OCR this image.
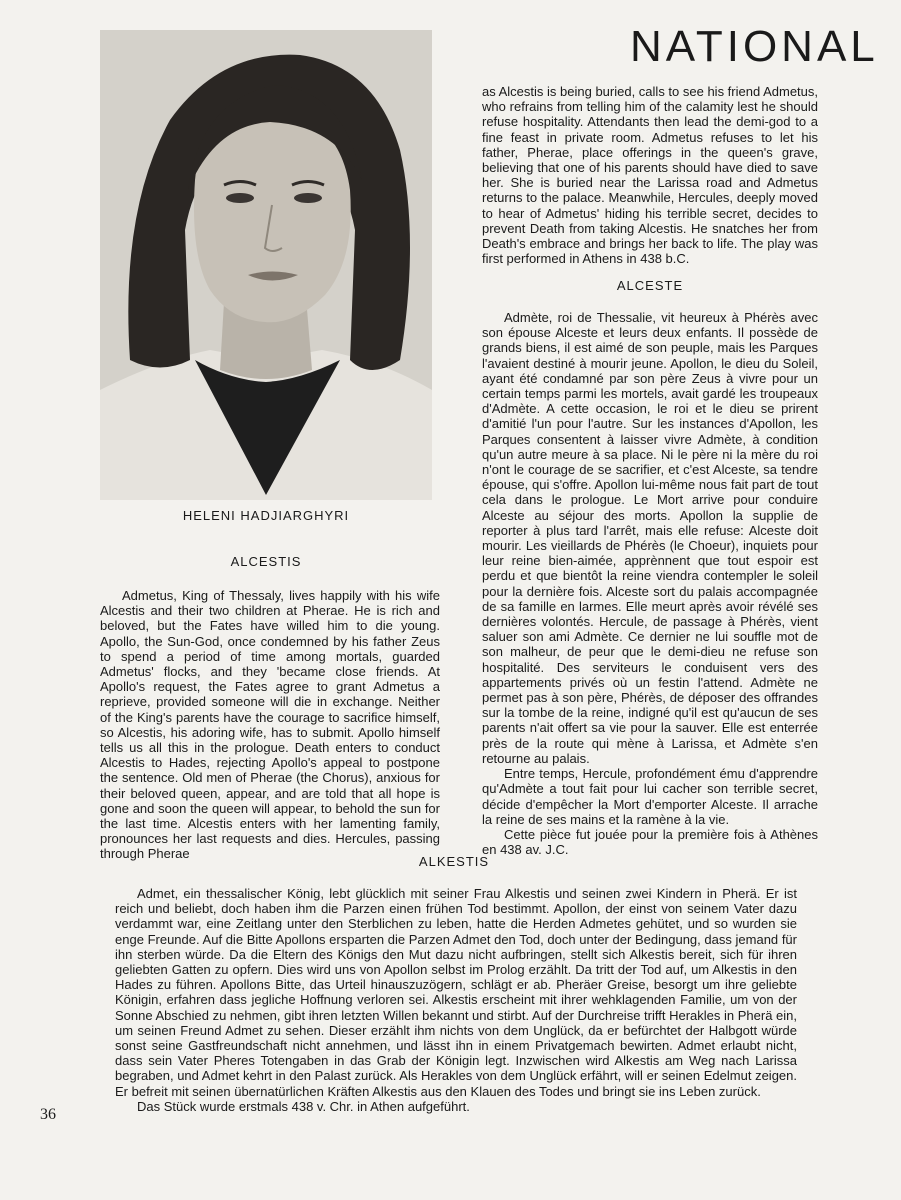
NATIONAL

HELENI HADJIARGHYRI

ALCESTIS

Admetus, King of Thessaly, lives happily with his wife Alcestis and their two children at Pherae. He is rich and beloved, but the Fates have willed him to die young. Apollo, the Sun-God, once condemned by his father Zeus to spend a period of time among mortals, guarded Admetus' flocks, and they 'became close friends. At Apollo's request, the Fates agree to grant Admetus a reprieve, provided someone will die in exchange. Neither of the King's parents have the courage to sacrifice himself, so Alcestis, his adoring wife, has to submit. Apollo himself tells us all this in the prologue. Death enters to conduct Alcestis to Hades, rejecting Apollo's appeal to postpone the sentence. Old men of Pherae (the Chorus), anxious for their beloved queen, appear, and are told that all hope is gone and soon the queen will appear, to behold the sun for the last time. Alcestis enters with her lamenting family, pronounces her last requests and dies. Hercules, passing through Pherae

as Alcestis is being buried, calls to see his friend Admetus, who refrains from telling him of the calamity lest he should refuse hospitality. Attendants then lead the demi-god to a fine feast in private room. Admetus refuses to let his father, Pherae, place offerings in the queen's grave, believing that one of his parents should have died to save her. She is buried near the Larissa road and Admetus returns to the palace. Meanwhile, Hercules, deeply moved to hear of Admetus' hiding his terrible secret, decides to prevent Death from taking Alcestis. He snatches her from Death's embrace and brings her back to life. The play was first performed in Athens in 438 b.C.

ALCESTE

Admète, roi de Thessalie, vit heureux à Phérès avec son épouse Alceste et leurs deux enfants. Il possède de grands biens, il est aimé de son peuple, mais les Parques l'avaient destiné à mourir jeune. Apollon, le dieu du Soleil, ayant été condamné par son père Zeus à vivre pour un certain temps parmi les mortels, avait gardé les troupeaux d'Admète. A cette occasion, le roi et le dieu se prirent d'amitié l'un pour l'autre. Sur les instances d'Apollon, les Parques consentent à laisser vivre Admète, à condition qu'un autre meure à sa place. Ni le père ni la mère du roi n'ont le courage de se sacrifier, et c'est Alceste, sa tendre épouse, qui s'offre. Apollon lui-même nous fait part de tout cela dans le prologue. Le Mort arrive pour conduire Alceste au séjour des morts. Apollon la supplie de reporter à plus tard l'arrêt, mais elle refuse: Alceste doit mourir. Les vieillards de Phérès (le Choeur), inquiets pour leur reine bien-aimée, apprènnent que tout espoir est perdu et que bientôt la reine viendra contempler le soleil pour la dernière fois. Alceste sort du palais accompagnée de sa famille en larmes. Elle meurt après avoir révélé ses dernières volontés. Hercule, de passage à Phérès, vient saluer son ami Admète. Ce dernier ne lui souffle mot de son malheur, de peur que le demi-dieu ne refuse son hospitalité. Des serviteurs le conduisent vers des appartements privés où un festin l'attend. Admète ne permet pas à son père, Phérès, de déposer des offrandes sur la tombe de la reine, indigné qu'il est qu'aucun de ses parents n'ait offert sa vie pour la sauver. Elle est enterrée près de la route qui mène à Larissa, et Admète s'en retourne au palais.

Entre temps, Hercule, profondément ému d'apprendre qu'Admète a tout fait pour lui cacher son terrible secret, décide d'empêcher la Mort d'emporter Alceste. Il arrache la reine de ses mains et la ramène à la vie.

Cette pièce fut jouée pour la première fois à Athènes en 438 av. J.C.

ALKESTIS

Admet, ein thessalischer König, lebt glücklich mit seiner Frau Alkestis und seinen zwei Kindern in Pherä. Er ist reich und beliebt, doch haben ihm die Parzen einen frühen Tod bestimmt. Apollon, der einst von seinem Vater dazu verdammt war, eine Zeitlang unter den Sterblichen zu leben, hatte die Herden Admetes gehütet, und so wurden sie enge Freunde. Auf die Bitte Apollons ersparten die Parzen Admet den Tod, doch unter der Bedingung, dass jemand für ihn sterben würde. Da die Eltern des Königs den Mut dazu nicht aufbringen, stellt sich Alkestis bereit, sich für ihren geliebten Gatten zu opfern. Dies wird uns von Apollon selbst im Prolog erzählt. Da tritt der Tod auf, um Alkestis in den Hades zu führen. Apollons Bitte, das Urteil hinauszuzögern, schlägt er ab. Pheräer Greise, besorgt um ihre geliebte Königin, erfahren dass jegliche Hoffnung verloren sei. Alkestis erscheint mit ihrer wehklagenden Familie, um von der Sonne Abschied zu nehmen, gibt ihren letzten Willen bekannt und stirbt. Auf der Durchreise trifft Herakles in Pherä ein, um seinen Freund Admet zu sehen. Dieser erzählt ihm nichts von dem Unglück, da er befürchtet der Halbgott würde sonst seine Gastfreundschaft nicht annehmen, und lässt ihn in einem Privatgemach bewirten. Admet erlaubt nicht, dass sein Vater Pheres Totengaben in das Grab der Königin legt. Inzwischen wird Alkestis am Weg nach Larissa begraben, und Admet kehrt in den Palast zurück. Als Herakles von dem Unglück erfährt, will er seinen Edelmut zeigen. Er befreit mit seinen übernatürlichen Kräften Alkestis aus den Klauen des Todes und bringt sie ins Leben zurück.

Das Stück wurde erstmals 438 v. Chr. in Athen aufgeführt.

36
